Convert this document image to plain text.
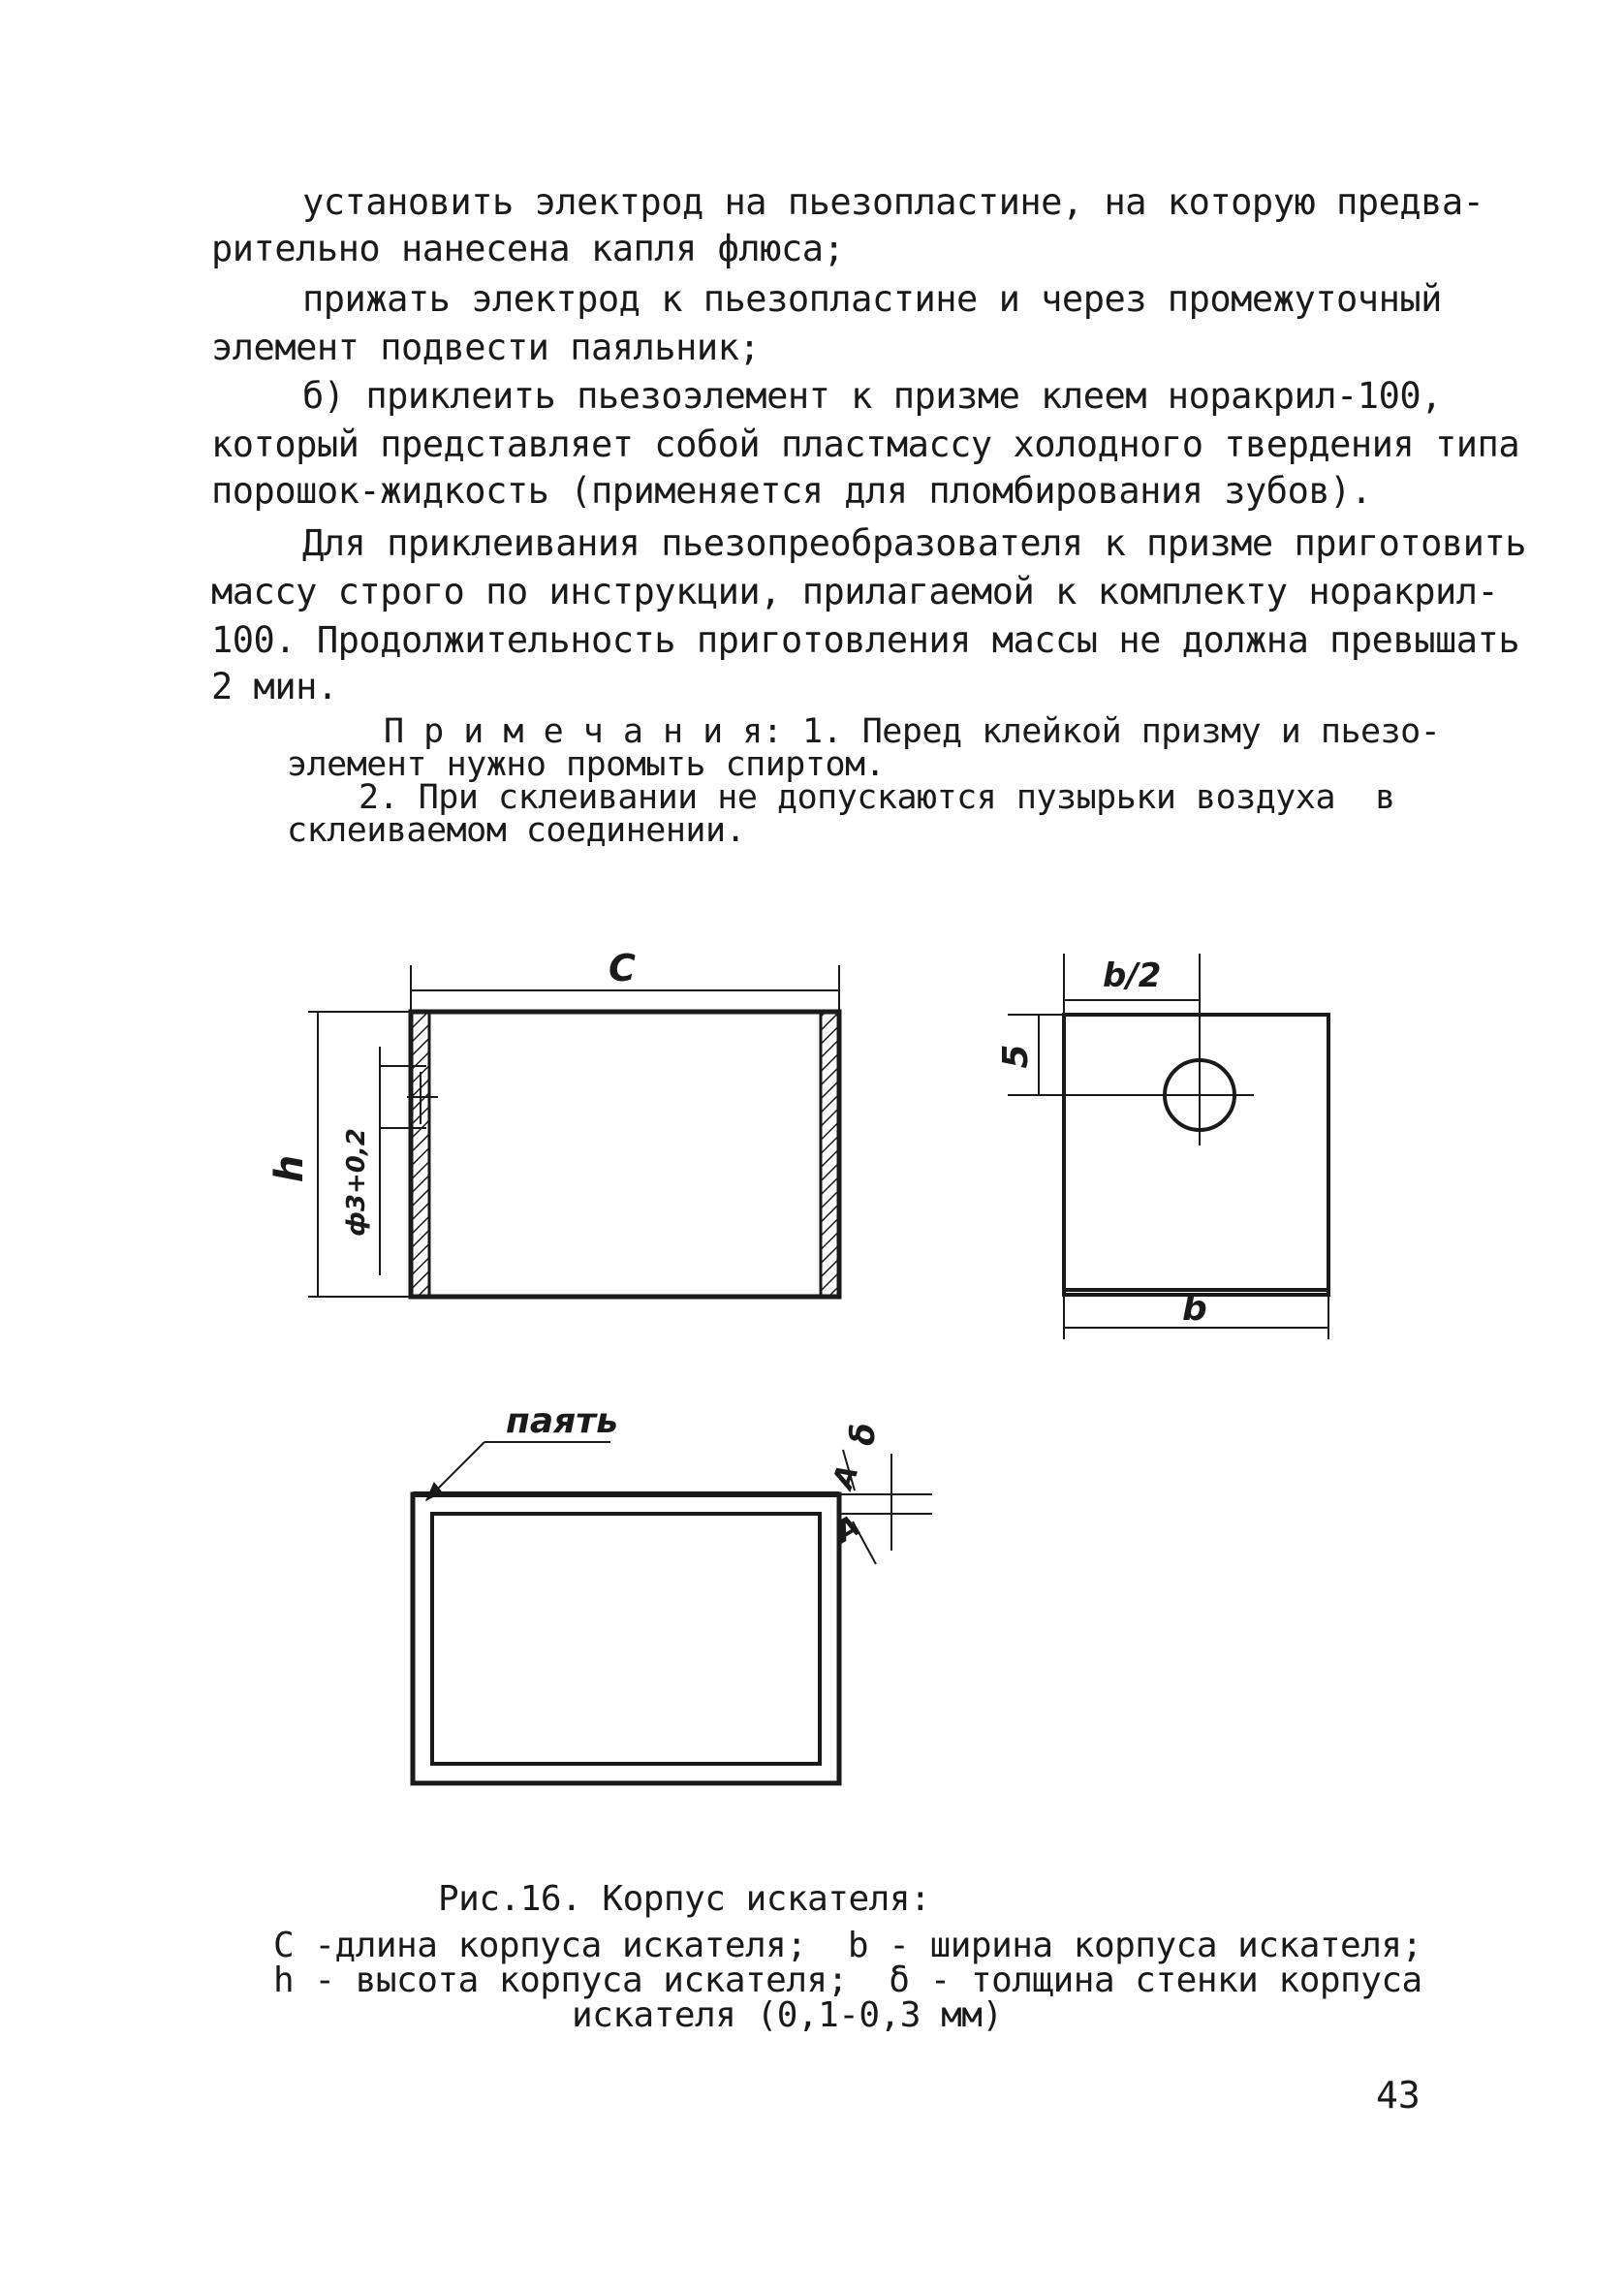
установить электрод на пьезопластине, на которую предва-
рительно нанесена капля флюса;
прижать электрод к пьезопластине и через промежуточный
элемент подвести паяльник;
б) приклеить пьезоэлемент к призме клеем норакрил-100,
который представляет собой пластмассу холодного твердения типа
порошок-жидкость (применяется для пломбирования зубов).
Для приклеивания пьезопреобразователя к призме приготовить
массу строго по инструкции, прилагаемой к комплекту норакрил-
100. Продолжительность приготовления массы не должна превышать
2 мин.
П р и м е ч а н и я: 1. Перед клейкой призму и пьезо-
элемент нужно промыть спиртом.
2. При склеивании не допускаются пузырьки воздуха  в
склеиваемом соединении.
C
h ф3+0,2
b/2
5
b
паять	δ
A
A
Рис.16. Корпус искателя:
C -длина корпуса искателя;  b - ширина корпуса искателя;
h - высота корпуса искателя;  δ - толщина стенки корпуса
искателя (0,1-0,3 мм)
43
